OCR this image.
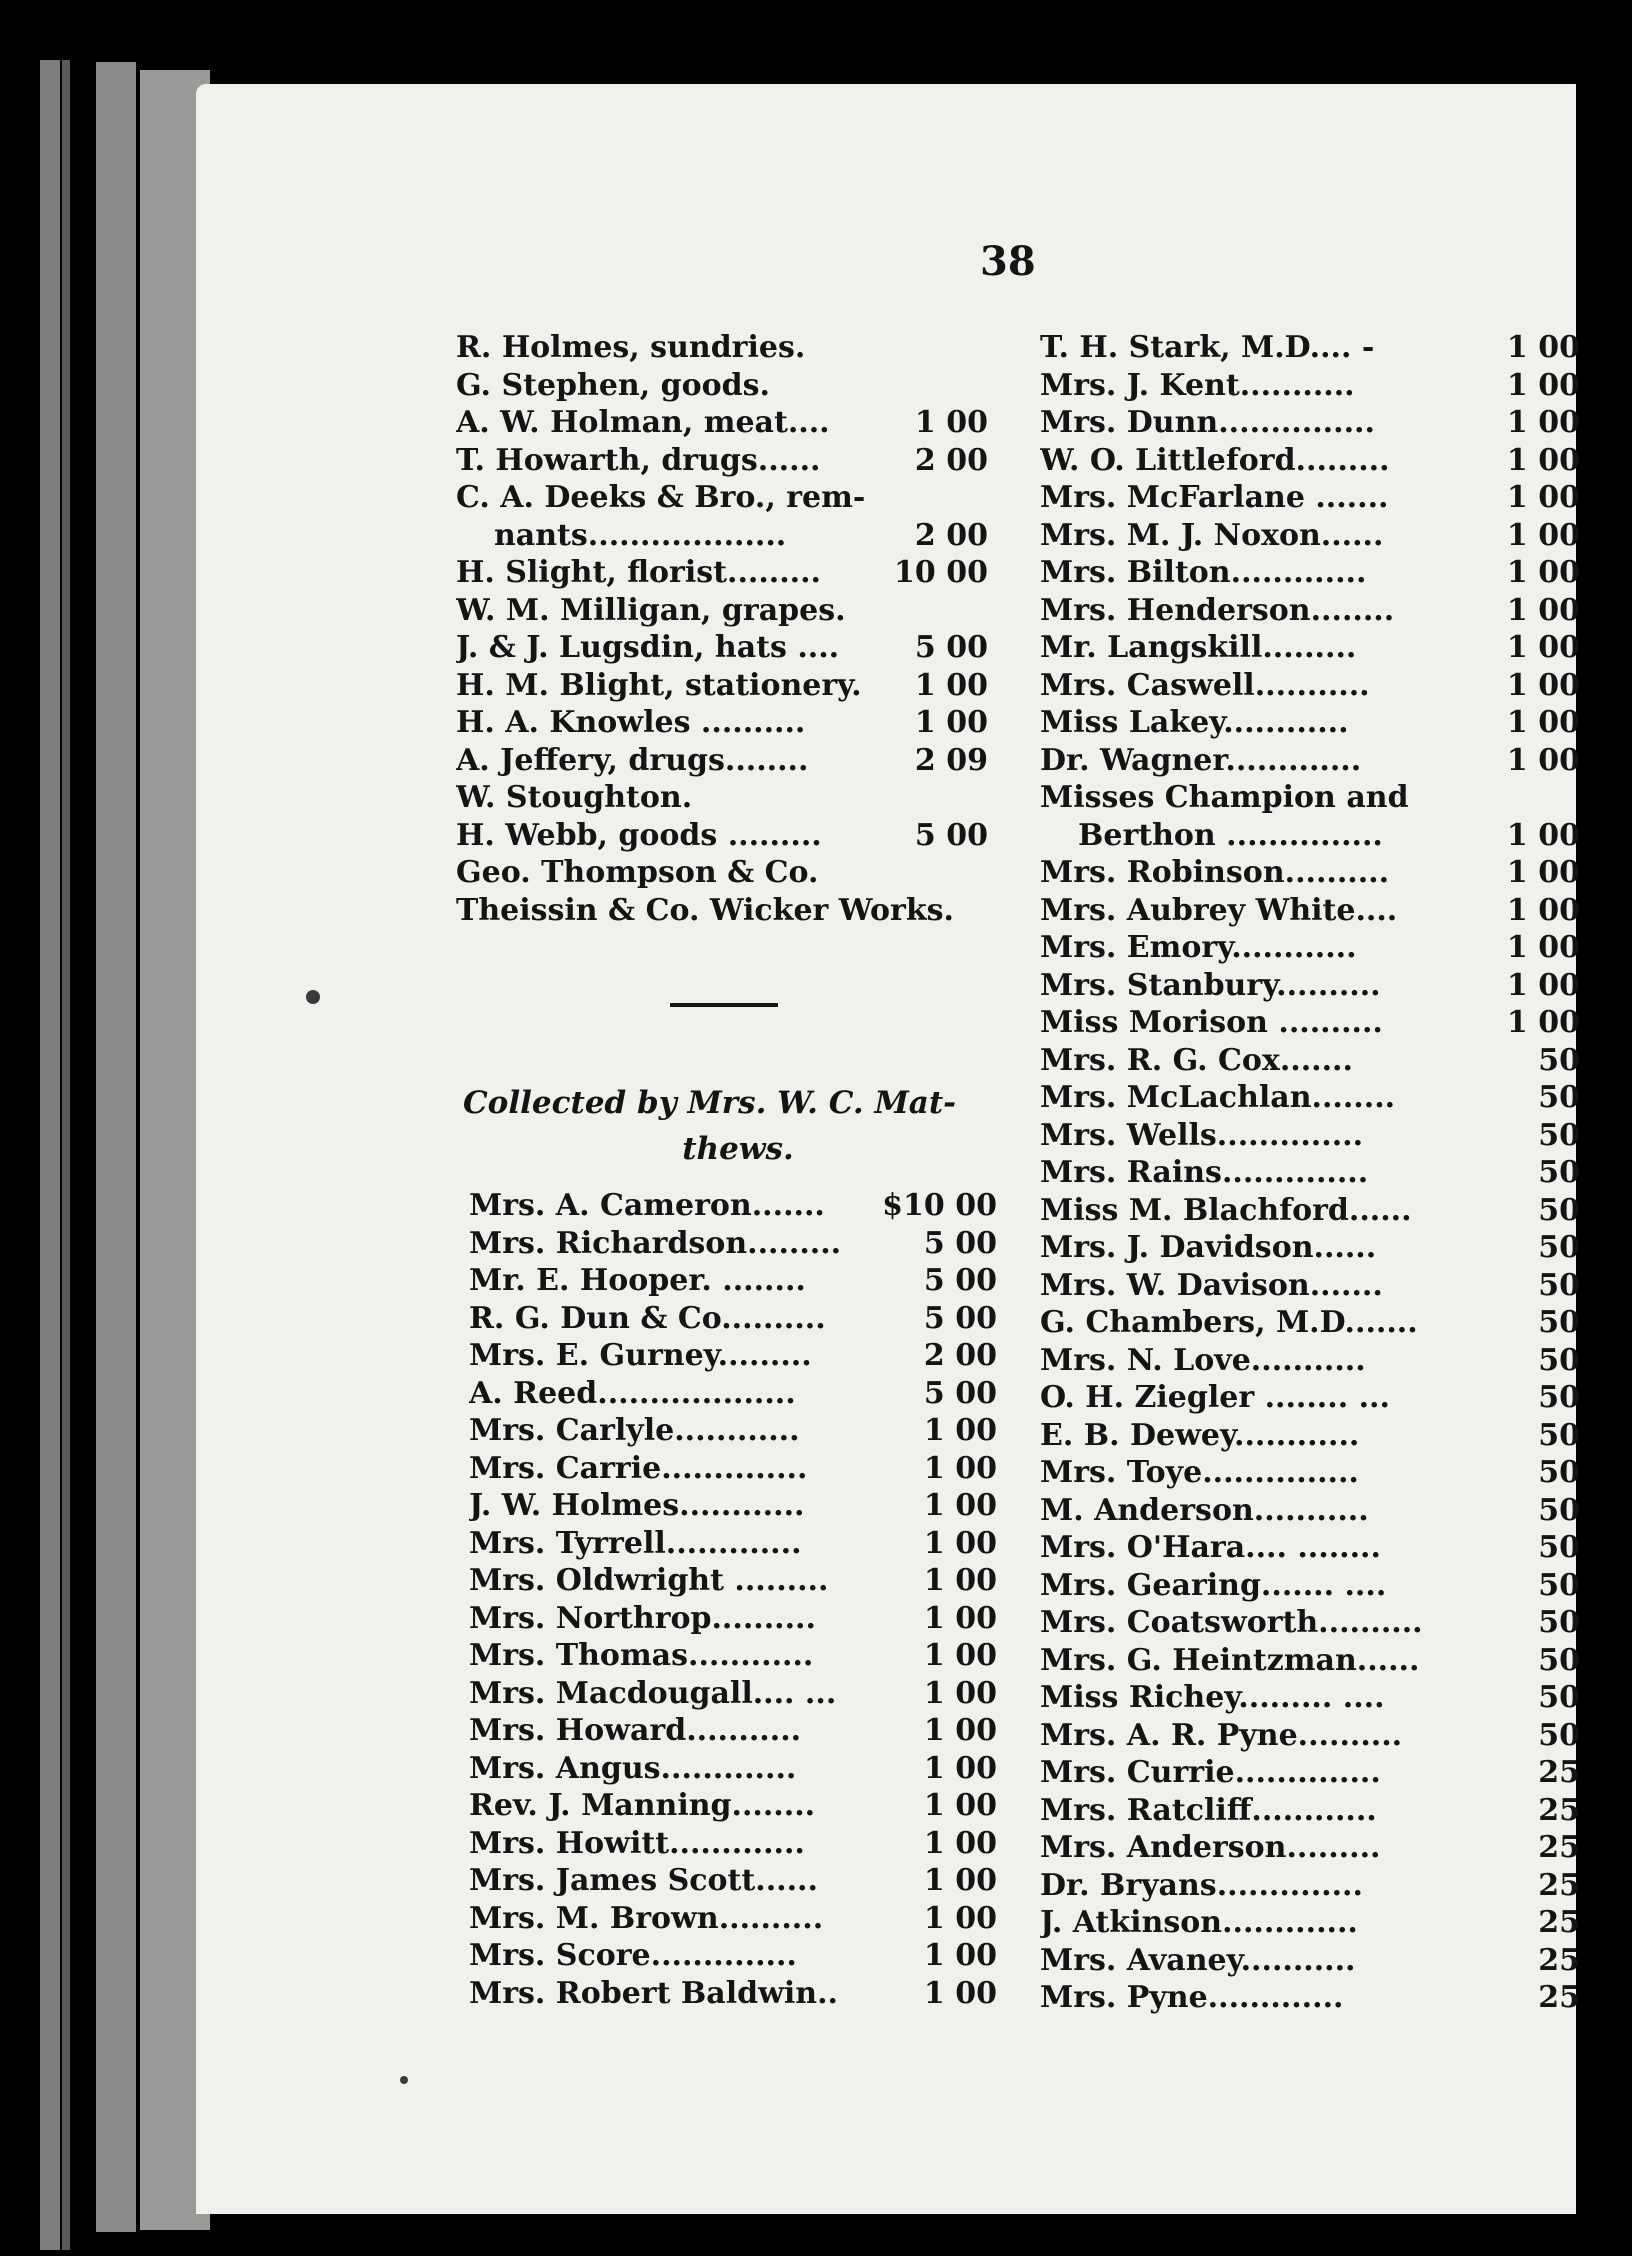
38
R. Holmes, sundries.
G. Stephen, goods.
A. W. Holman, meat....	1 00
T. Howarth, drugs......	2 00
C. A. Deeks & Bro., rem-
nants...................	2 00
H. Slight, florist.........	10 00
W. M. Milligan, grapes.
J. & J. Lugsdin, hats ....	5 00
H. M. Blight, stationery.	1 00
H. A. Knowles ..........	1 00
A. Jeffery, drugs........	2 09
W. Stoughton.
H. Webb, goods .........	5 00
Geo. Thompson & Co.
Theissin & Co. Wicker Works.
Collected by Mrs. W. C. Mat-
thews.
Mrs. A. Cameron.......	$10 00
Mrs. Richardson.........	5 00
Mr. E. Hooper. ........	5 00
R. G. Dun & Co..........	5 00
Mrs. E. Gurney.........	2 00
A. Reed...................	5 00
Mrs. Carlyle............	1 00
Mrs. Carrie..............	1 00
J. W. Holmes............	1 00
Mrs. Tyrrell.............	1 00
Mrs. Oldwright .........	1 00
Mrs. Northrop..........	1 00
Mrs. Thomas............	1 00
Mrs. Macdougall.... ...	1 00
Mrs. Howard...........	1 00
Mrs. Angus.............	1 00
Rev. J. Manning........	1 00
Mrs. Howitt.............	1 00
Mrs. James Scott......	1 00
Mrs. M. Brown..........	1 00
Mrs. Score..............	1 00
Mrs. Robert Baldwin..	1 00
T. H. Stark, M.D.... -	1 00
Mrs. J. Kent...........	1 00
Mrs. Dunn...............	1 00
W. O. Littleford.........	1 00
Mrs. McFarlane .......	1 00
Mrs. M. J. Noxon......	1 00
Mrs. Bilton.............	1 00
Mrs. Henderson........	1 00
Mr. Langskill.........	1 00
Mrs. Caswell...........	1 00
Miss Lakey............	1 00
Dr. Wagner.............	1 00
Misses Champion and
Berthon ...............	1 00
Mrs. Robinson..........	1 00
Mrs. Aubrey White....	1 00
Mrs. Emory............	1 00
Mrs. Stanbury..........	1 00
Miss Morison ..........	1 00
Mrs. R. G. Cox.......	50
Mrs. McLachlan........	50
Mrs. Wells..............	50
Mrs. Rains..............	50
Miss M. Blachford......	50
Mrs. J. Davidson......	50
Mrs. W. Davison.......	50
G. Chambers, M.D.......	50
Mrs. N. Love...........	50
O. H. Ziegler ........ ...	50
E. B. Dewey............	50
Mrs. Toye...............	50
M. Anderson...........	50
Mrs. O'Hara.... ........	50
Mrs. Gearing....... ....	50
Mrs. Coatsworth..........	50
Mrs. G. Heintzman......	50
Miss Richey......... ....	50
Mrs. A. R. Pyne..........	50
Mrs. Currie..............	25
Mrs. Ratcliff............	25
Mrs. Anderson.........	25
Dr. Bryans..............	25
J. Atkinson.............	25
Mrs. Avaney...........	25
Mrs. Pyne.............	25
